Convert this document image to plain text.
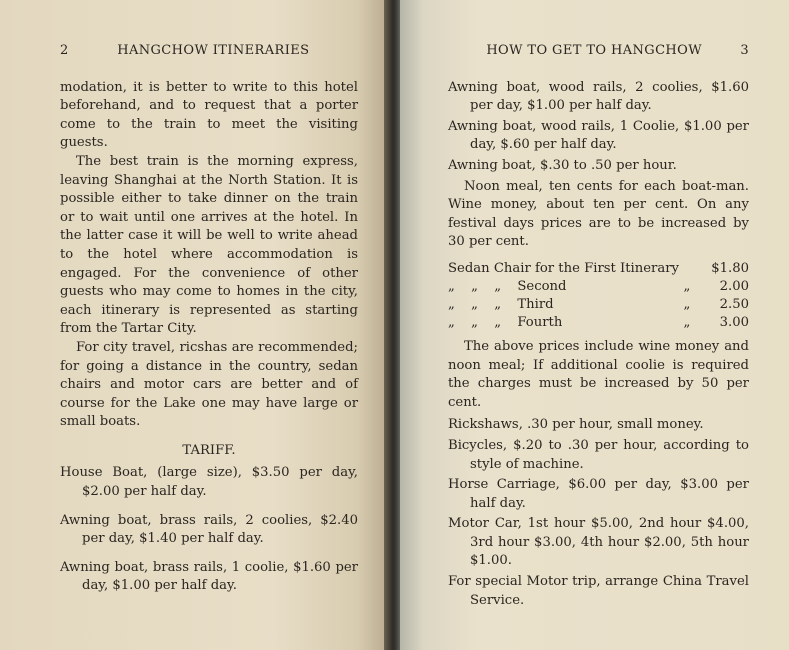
2	HANGCHOW ITINERARIES

modation, it is better to write to this hotel beforehand, and to request that a porter come to the train to meet the visiting guests.

The best train is the morning express, leaving Shanghai at the North Station. It is possible either to take dinner on the train or to wait until one arrives at the hotel. In the latter case it will be well to write ahead to the hotel where accommodation is engaged. For the convenience of other guests who may come to homes in the city, each itinerary is represented as starting from the Tartar City.

For city travel, ricshas are recommended; for going a distance in the country, sedan chairs and motor cars are better and of course for the Lake one may have large or small boats.

TARIFF.

House Boat, (large size), $3.50 per day, $2.00 per half day.

Awning boat, brass rails, 2 coolies, $2.40 per day, $1.40 per half day.

Awning boat, brass rails, 1 coolie, $1.60 per day, $1.00 per half day.

HOW TO GET TO HANGCHOW	3

Awning boat, wood rails, 2 coolies, $1.60 per day, $1.00 per half day.

Awning boat, wood rails, 1 Coolie, $1.00 per day, $.60 per half day.

Awning boat, $.30 to .50 per hour.

Noon meal, ten cents for each boat-man. Wine money, about ten per cent. On any festival days prices are to be increased by 30 per cent.

Sedan Chair for the First Itinerary					$1.80
„	„	„	Second	„	2.00
„	„	„	Third	„	2.50
„	„	„	Fourth	„	3.00

The above prices include wine money and noon meal; If additional coolie is required the charges must be increased by 50 per cent.

Rickshaws, .30 per hour, small money.

Bicycles, $.20 to .30 per hour, according to style of machine.

Horse Carriage, $6.00 per day, $3.00 per half day.

Motor Car, 1st hour $5.00, 2nd hour $4.00, 3rd hour $3.00, 4th hour $2.00, 5th hour $1.00.

For special Motor trip, arrange China Travel Service.
